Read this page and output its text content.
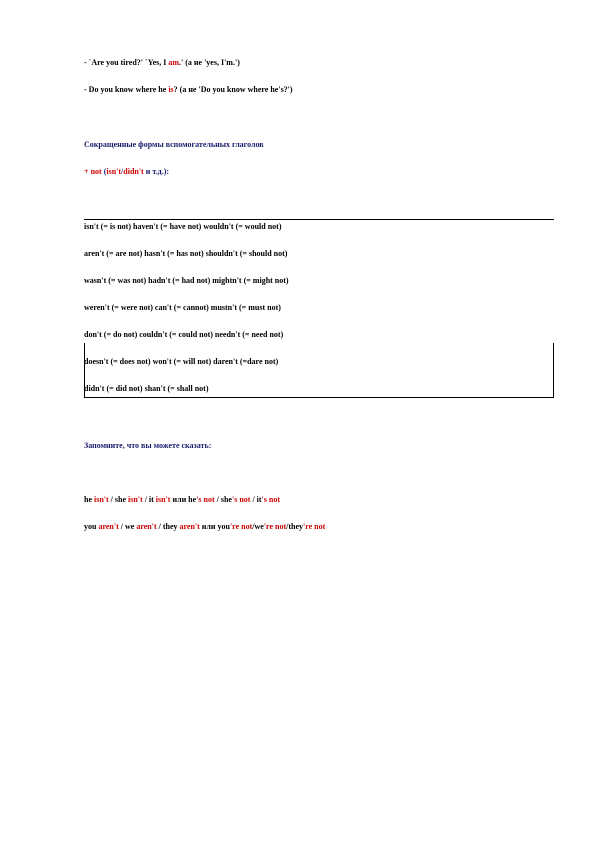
- `Are you tired?' `Yes, I am.' (а не 'yes, I'm.')
- Do you know where he is? (а не 'Do you know where he's?')
Сокращенные формы вспомогательных глаголов
+ not (isn't/didn't и т.д.):
isn't (= is not) haven't (= have not) wouldn't (= would not)
aren't (= are not) hasn't (= has not) shouldn't (= should not)
wasn't (= was not) hadn't (= had not) mightn't (= might not)
weren't (= were not) can't (= cannot) mustn't (= must not)
don't (= do not) couldn't (= could not) needn't (= need not)
doesn't (= does not) won't (= will not) daren't (=dare not)
didn't (= did not) shan't (= shall not)
Запомните, что вы можете сказать:
he isn't / she isn't / it isn't или he's not / she's not / it's not
you aren't / we aren't / they aren't или you're not/we're not/they're not
